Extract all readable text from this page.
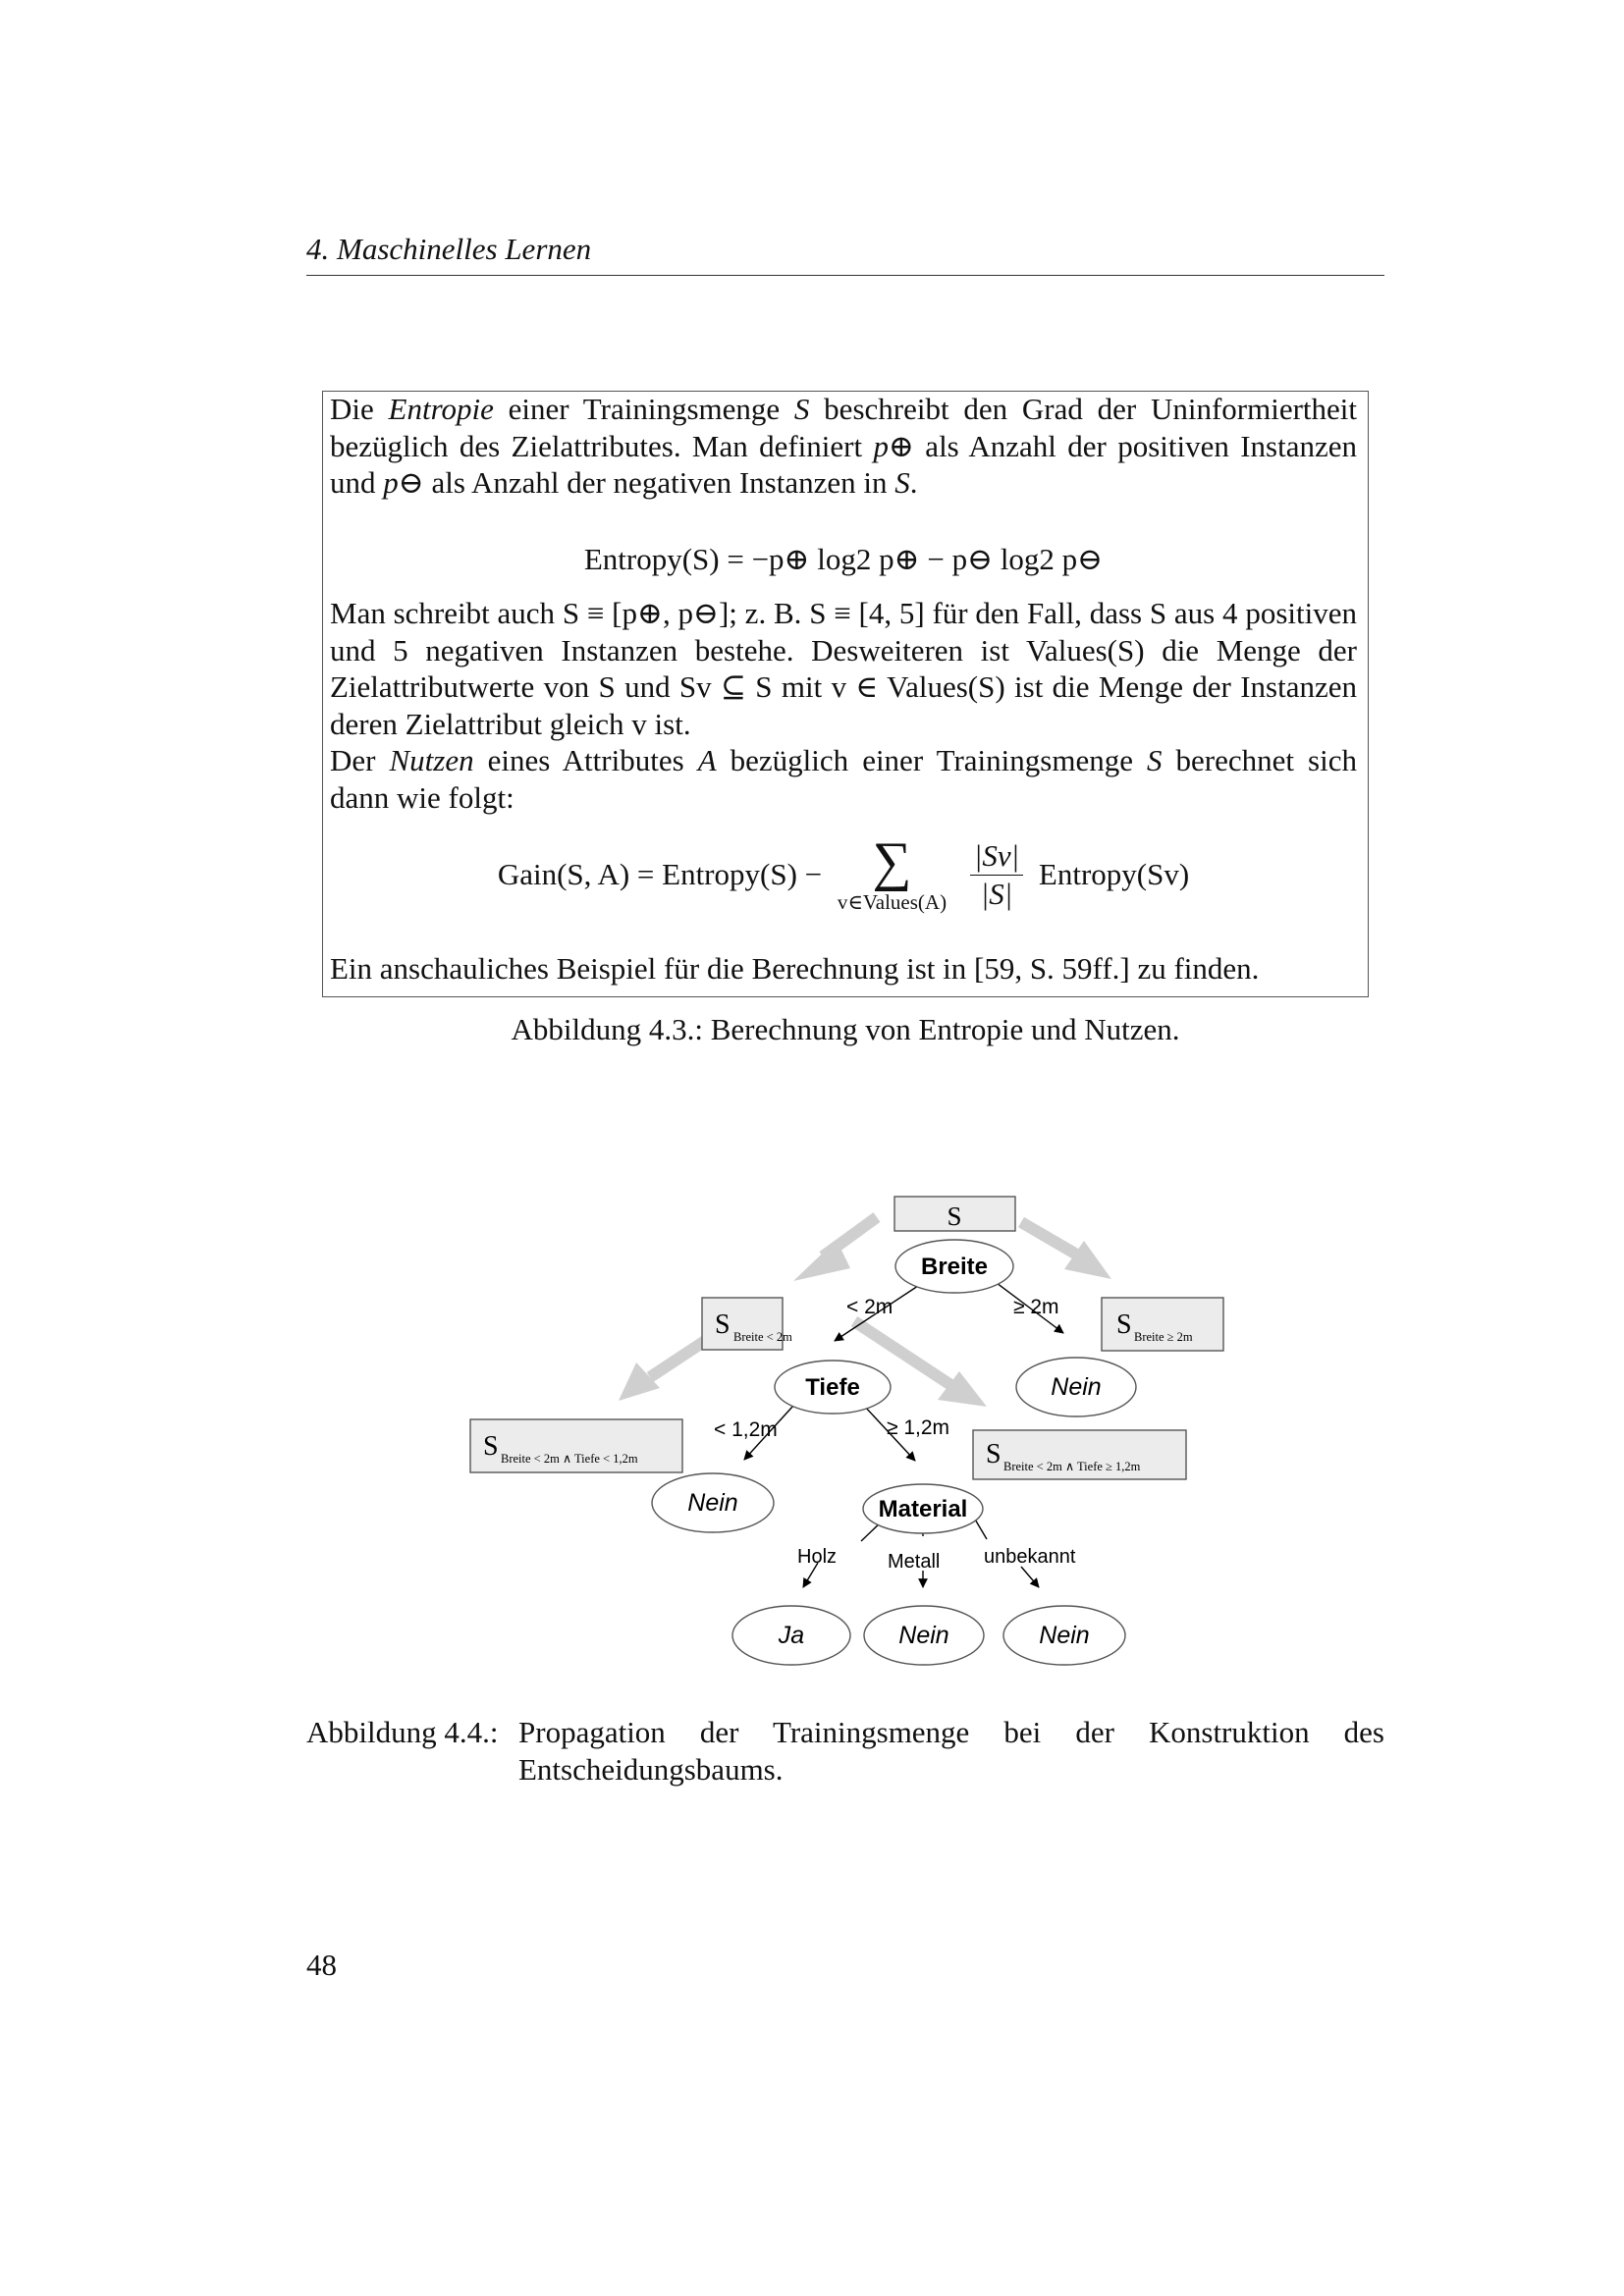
4. Maschinelles Lernen
Die Entropie einer Trainingsmenge S beschreibt den Grad der Uninformiertheit bezüglich des Zielattributes. Man definiert p⊕ als Anzahl der positiven Instanzen und p⊖ als Anzahl der negativen Instanzen in S.
Entropy(S) = −p⊕ log2 p⊕ − p⊖ log2 p⊖
Man schreibt auch S ≡ [p⊕, p⊖]; z. B. S ≡ [4, 5] für den Fall, dass S aus 4 positiven und 5 negativen Instanzen bestehe. Desweiteren ist Values(S) die Menge der Zielattributwerte von S und Sv ⊆ S mit v ∈ Values(S) ist die Menge der Instanzen deren Zielattribut gleich v ist.
Der Nutzen eines Attributes A bezüglich einer Trainingsmenge S berechnet sich dann wie folgt:
Gain(S, A) = Entropy(S) − ∑
v∈Values(A)
$\frac{|Sv|}{|S|}$ Entropy(Sv)
Ein anschauliches Beispiel für die Berechnung ist in [59, S. 59ff.] zu finden.
Abbildung 4.3.: Berechnung von Entropie und Nutzen.
< 2m	≥ 2m
< 1,2m	≥ 1,2m
Holz	Metall unbekannt
S
S Breite < 2m	S Breite ≥ 2m
S Breite < 2m ∧ Tiefe < 1,2m	S Breite < 2m ∧ Tiefe ≥ 1,2m
Breite
Tiefe
Material
Nein
Nein
Ja	Nein	Nein
Abbildung 4.4.: Propagation der Trainingsmenge bei der Konstruktion des Entscheidungsbaums.
48
